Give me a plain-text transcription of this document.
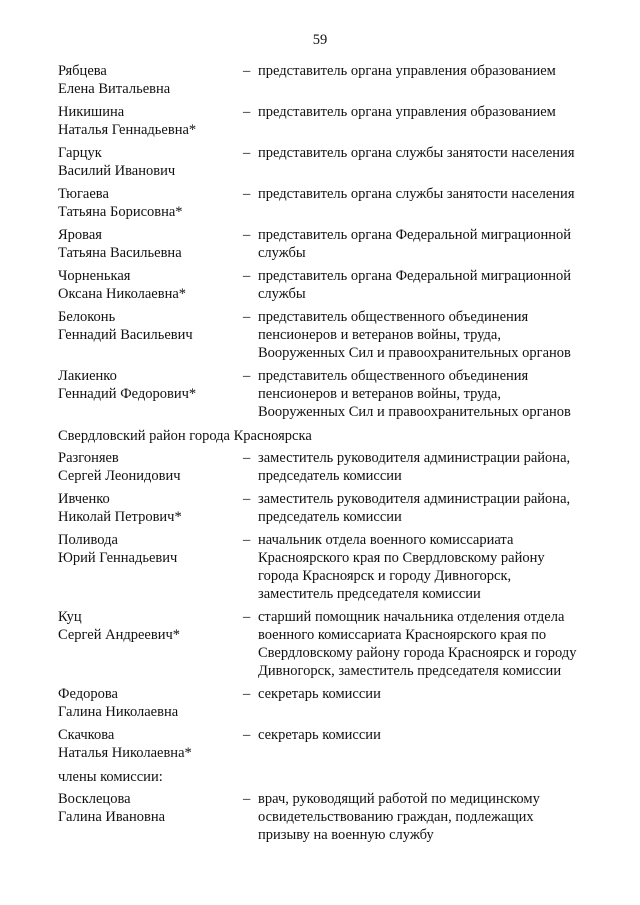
59
Рябцева
Елена Витальевна
– представитель органа управления образованием
Никишина
Наталья Геннадьевна*
– представитель органа управления образованием
Гарцук
Василий Иванович
– представитель органа службы занятости населения
Тюгаева
Татьяна Борисовна*
– представитель органа службы занятости населения
Яровая
Татьяна Васильевна
– представитель органа Федеральной миграционной
службы
Чорненькая
Оксана Николаевна*
– представитель органа Федеральной миграционной
службы
Белоконь
Геннадий Васильевич
– представитель общественного объединения
пенсионеров и ветеранов войны, труда,
Вооруженных Сил и правоохранительных органов
Лакиенко
Геннадий Федорович*
– представитель общественного объединения
пенсионеров и ветеранов войны, труда,
Вооруженных Сил и правоохранительных органов
Свердловский район города Красноярска
Разгоняев
Сергей Леонидович
– заместитель руководителя администрации района,
председатель комиссии
Ивченко
Николай Петрович*
– заместитель руководителя администрации района,
председатель комиссии
Поливода
Юрий Геннадьевич
– начальник отдела военного комиссариата
Красноярского края по Свердловскому району
города Красноярск и городу Дивногорск,
заместитель председателя комиссии
Куц
Сергей Андреевич*
– старший помощник начальника отделения отдела
военного комиссариата Красноярского края по
Свердловскому району города Красноярск и городу
Дивногорск, заместитель председателя комиссии
Федорова
Галина Николаевна
– секретарь комиссии
Скачкова
Наталья Николаевна*
– секретарь комиссии
члены комиссии:
Восклецова
Галина Ивановна
– врач, руководящий работой по медицинскому
освидетельствованию граждан, подлежащих
призыву на военную службу
